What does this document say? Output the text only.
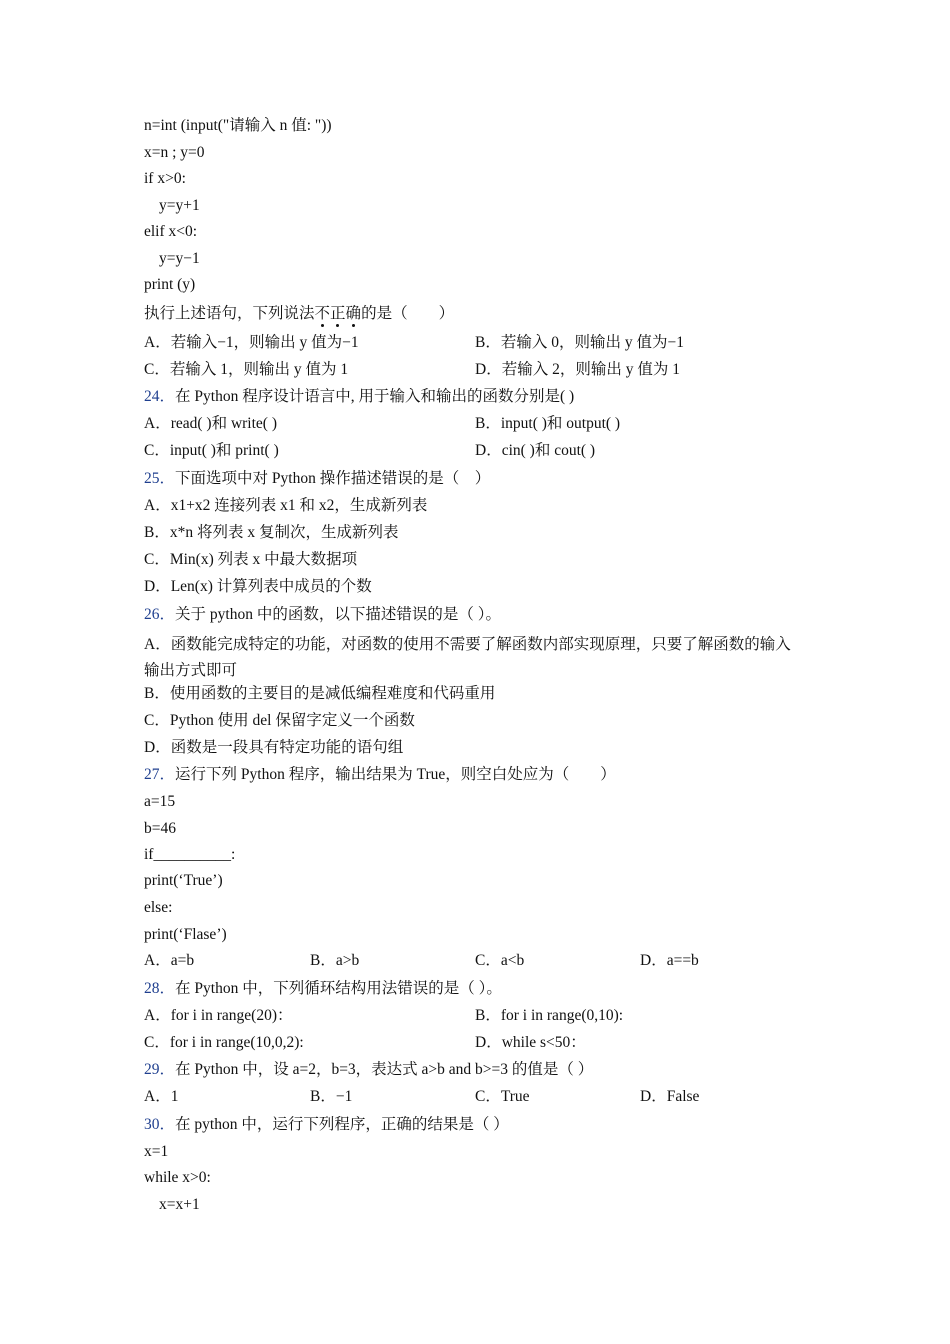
n=int (input("请输入 n 值: "))
x=n ; y=0
if x>0:
y=y+1
elif x<0:
y=y−1
print (y)
执行上述语句，下列说法不
正
确
的是（　　）
A．若输入−1，则输出 y 值为−1	B．若输入 0，则输出 y 值为−1
C．若输入 1，则输出 y 值为 1	D．若输入 2，则输出 y 值为 1
24．在 Python 程序设计语言中, 用于输入和输出的函数分别是( )
A．read( )和 write( )	B．input( )和 output( )
C．input( )和 print( )	D．cin( )和 cout( )
25．下面选项中对 Python 操作描述错误的是（　）
A．x1+x2 连接列表 x1 和 x2，生成新列表
B．x*n 将列表 x 复制次，生成新列表
C．Min(x) 列表 x 中最大数据项
D．Len(x) 计算列表中成员的个数
26．关于 python 中的函数，以下描述错误的是（ ）。
A．函数能完成特定的功能，对函数的使用不需要了解函数内部实现原理，只要了解函数的输入输出方式即可
B．使用函数的主要目的是减低编程难度和代码重用
C．Python 使用 del 保留字定义一个函数
D．函数是一段具有特定功能的语句组
27．运行下列 Python 程序，输出结果为 True，则空白处应为（　　）
a=15
b=46
if__________:
print(‘True’)
else:
print(‘Flase’)
A．a=b	B．a>b	C．a<b	D．a==b
28．在 Python 中，下列循环结构用法错误的是（ ）。
A．for i in range(20)：	B．for i in range(0,10):
C．for i in range(10,0,2):	D．while s<50：
29．在 Python 中，设 a=2，b=3，表达式 a>b and b>=3 的值是（ ）
A．1	B．−1	C．True	D．False
30．在 python 中，运行下列程序，正确的结果是（ ）
x=1
while x>0:
x=x+1
